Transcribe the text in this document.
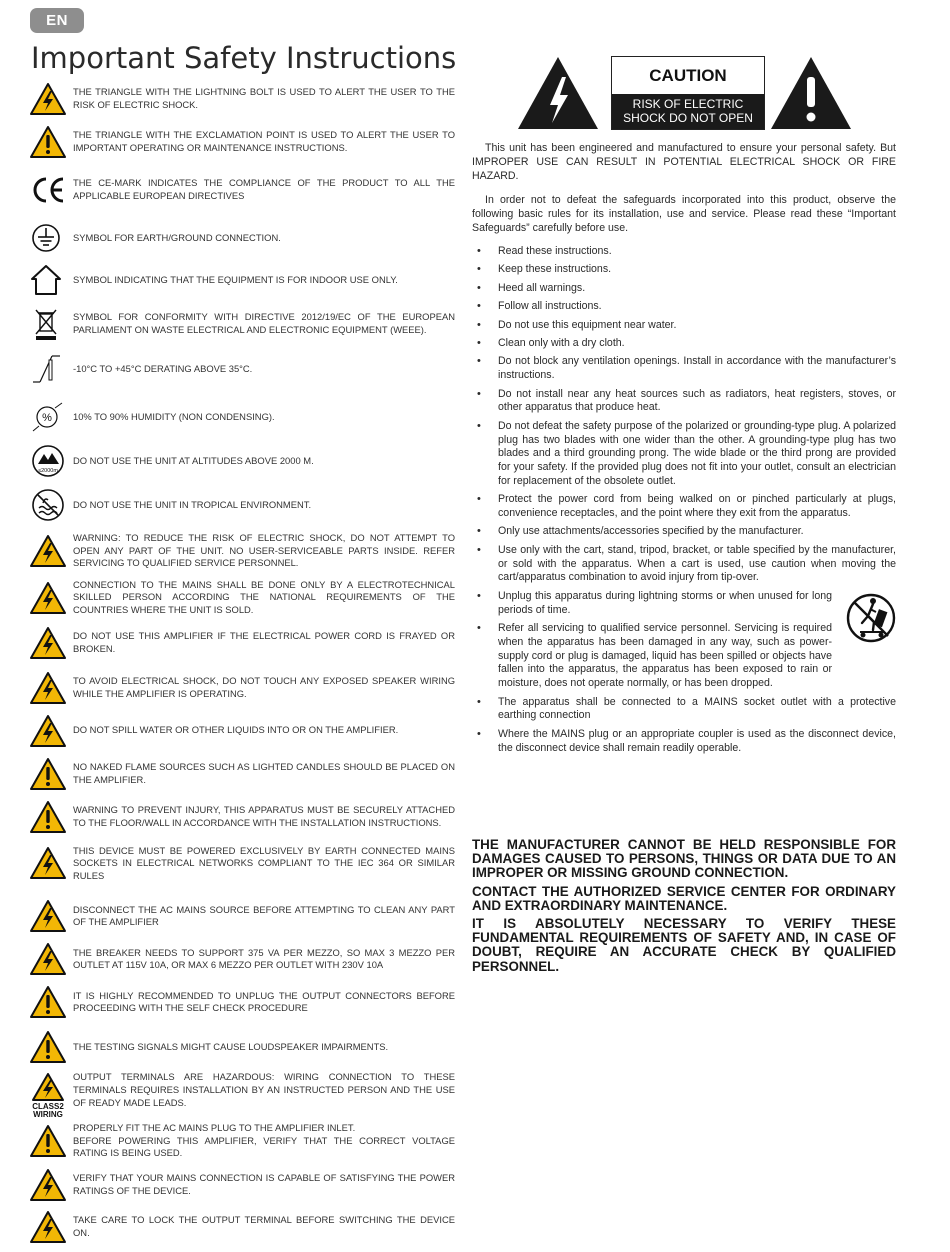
EN
Important Safety Instructions
THE TRIANGLE WITH THE LIGHTNING BOLT IS USED TO ALERT THE USER TO THE RISK OF ELECTRIC SHOCK.
THE TRIANGLE WITH THE EXCLAMATION POINT IS USED TO ALERT THE USER TO IMPORTANT OPERATING OR MAINTENANCE INSTRUCTIONS.
THE CE-MARK INDICATES THE COMPLIANCE OF THE PRODUCT TO ALL THE APPLICABLE EUROPEAN DIRECTIVES
SYMBOL FOR EARTH/GROUND CONNECTION.
SYMBOL INDICATING THAT THE EQUIPMENT IS FOR INDOOR USE ONLY.
SYMBOL FOR CONFORMITY WITH DIRECTIVE 2012/19/EC OF THE EUROPEAN PARLIAMENT ON WASTE ELECTRICAL AND ELECTRONIC EQUIPMENT (WEEE).
-10°C TO +45°C DERATING ABOVE 35°C.
% 10% TO 90% HUMIDITY (NON CONDENSING).
≤2000m
DO NOT USE THE UNIT AT ALTITUDES ABOVE 2000 M.
DO NOT USE THE UNIT IN TROPICAL ENVIRONMENT.
WARNING: TO REDUCE THE RISK OF ELECTRIC SHOCK, DO NOT ATTEMPT TO OPEN ANY PART OF THE UNIT. NO USER-SERVICEABLE PARTS INSIDE. REFER SERVICING TO QUALIFIED SERVICE PERSONNEL.
CONNECTION TO THE MAINS SHALL BE DONE ONLY BY A ELECTROTECHNICAL SKILLED PERSON ACCORDING THE NATIONAL REQUIREMENTS OF THE COUNTRIES WHERE THE UNIT IS SOLD.
DO NOT USE THIS AMPLIFIER IF THE ELECTRICAL POWER CORD IS FRAYED OR BROKEN.
TO AVOID ELECTRICAL SHOCK, DO NOT TOUCH ANY EXPOSED SPEAKER WIRING WHILE THE AMPLIFIER IS OPERATING.
DO NOT SPILL WATER OR OTHER LIQUIDS INTO OR ON THE AMPLIFIER.
NO NAKED FLAME SOURCES SUCH AS LIGHTED CANDLES SHOULD BE PLACED ON THE AMPLIFIER.
WARNING TO PREVENT INJURY, THIS APPARATUS MUST BE SECURELY ATTACHED TO THE FLOOR/WALL IN ACCORDANCE WITH THE INSTALLATION INSTRUCTIONS.
THIS DEVICE MUST BE POWERED EXCLUSIVELY BY EARTH CONNECTED MAINS SOCKETS IN ELECTRICAL NETWORKS COMPLIANT TO THE IEC 364 OR SIMILAR RULES
DISCONNECT THE AC MAINS SOURCE BEFORE ATTEMPTING TO CLEAN ANY PART OF THE AMPLIFIER
THE BREAKER NEEDS TO SUPPORT 375 VA PER MEZZO, SO MAX 3 MEZZO PER OUTLET AT 115V 10A, OR MAX 6 MEZZO PER OUTLET WITH 230V 10A
IT IS HIGHLY RECOMMENDED TO UNPLUG THE OUTPUT CONNECTORS BEFORE PROCEEDING WITH THE SELF CHECK PROCEDURE
THE TESTING SIGNALS MIGHT CAUSE LOUDSPEAKER IMPAIRMENTS.
CLASS2
WIRING
OUTPUT TERMINALS ARE HAZARDOUS: WIRING CONNECTION TO THESE TERMINALS REQUIRES INSTALLATION BY AN INSTRUCTED PERSON AND THE USE OF READY MADE LEADS.
PROPERLY FIT THE AC MAINS PLUG TO THE AMPLIFIER INLET.
BEFORE POWERING THIS AMPLIFIER, VERIFY THAT THE CORRECT VOLTAGE RATING IS BEING USED.
VERIFY THAT YOUR MAINS CONNECTION IS CAPABLE OF SATISFYING THE POWER RATINGS OF THE DEVICE.
TAKE CARE TO LOCK THE OUTPUT TERMINAL BEFORE SWITCHING THE DEVICE ON.
CAUTION
RISK OF ELECTRIC
SHOCK DO NOT OPEN

This unit has been engineered and manufactured to ensure your personal safety. But IMPROPER USE CAN RESULT IN POTENTIAL ELECTRICAL SHOCK OR FIRE HAZARD.

In order not to defeat the safeguards incorporated into this product, observe the following basic rules for its installation, use and service. Please read these “Important Safeguards” carefully before use.

• Read these instructions.
• Keep these instructions.
• Heed all warnings.
• Follow all instructions.
• Do not use this equipment near water.
• Clean only with a dry cloth.
• Do not block any ventilation openings. Install in accordance with the manufacturer’s instructions.
• Do not install near any heat sources such as radiators, heat registers, stoves, or other apparatus that produce heat.
• Do not defeat the safety purpose of the polarized or grounding-type plug. A polarized plug has two blades with one wider than the other. A grounding-type plug has two blades and a third grounding prong. The wide blade or the third prong are provided for your safety. If the provided plug does not fit into your outlet, consult an electrician for replacement of the obsolete outlet.
• Protect the power cord from being walked on or pinched particularly at plugs, convenience receptacles, and the point where they exit from the apparatus.
• Only use attachments/accessories specified by the manufacturer.
• Use only with the cart, stand, tripod, bracket, or table specified by the manufacturer, or sold with the apparatus. When a cart is used, use caution when moving the cart/apparatus combination to avoid injury from tip-over.
• Unplug this apparatus during lightning storms or when unused for long periods of time.
• Refer all servicing to qualified service personnel. Servicing is required when the apparatus has been damaged in any way, such as power-supply cord or plug is damaged, liquid has been spilled or objects have fallen into the apparatus, the apparatus has been exposed to rain or moisture, does not operate normally, or has been dropped.
• The apparatus shall be connected to a MAINS socket outlet with a protective earthing connection
• Where the MAINS plug or an appropriate coupler is used as the disconnect device, the disconnect device shall remain readily operable.

THE MANUFACTURER CANNOT BE HELD RESPONSIBLE FOR DAMAGES CAUSED TO PERSONS, THINGS OR DATA DUE TO AN IMPROPER OR MISSING GROUND CONNECTION.

CONTACT THE AUTHORIZED SERVICE CENTER FOR ORDINARY AND EXTRAORDINARY MAINTENANCE.

IT IS ABSOLUTELY NECESSARY TO VERIFY THESE FUNDAMENTAL REQUIREMENTS OF SAFETY AND, IN CASE OF DOUBT, REQUIRE AN ACCURATE CHECK BY QUALIFIED PERSONNEL.
